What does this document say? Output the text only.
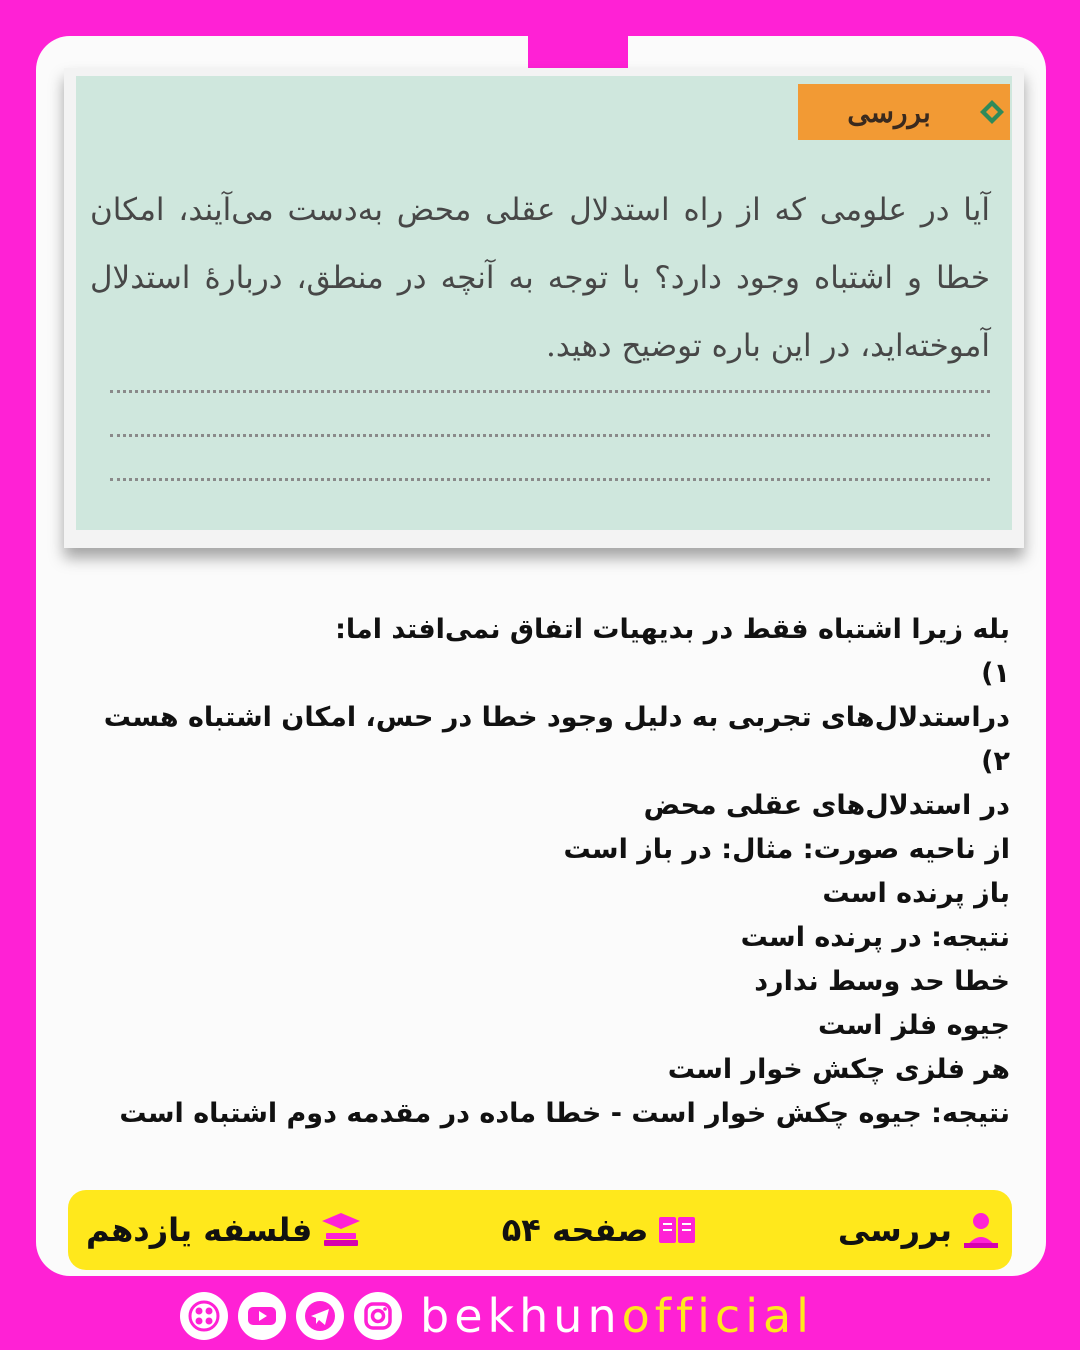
بررسی
آیا در علومی که از راه استدلال عقلی محض به‌دست می‌آیند، امکان خطا و اشتباه وجود دارد؟ با توجه به آنچه در منطق، دربارهٔ استدلال آموخته‌اید، در این باره توضیح دهید.

بله زیرا اشتباه فقط در بدیهیات اتفاق نمی‌افتد اما:

۱)

دراستدلال‌های تجربی به دلیل وجود خطا در حس، امکان اشتباه هست

۲)

در استدلال‌های عقلی محض

از ناحیه صورت: مثال: در باز است

باز پرنده است

نتیجه: در پرنده است

خطا حد وسط ندارد

جیوه فلز است

هر فلزی چکش خوار است

نتیجه: جیوه چکش خوار است - خطا ماده در مقدمه دوم اشتباه است

بررسی
صفحه ۵۴
فلسفه یازدهم
bekhunofficial
